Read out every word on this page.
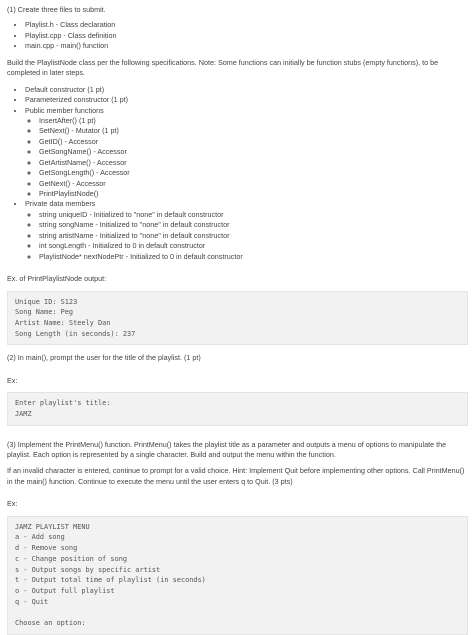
(1) Create three files to submit.

• Playlist.h - Class declaration
• Playlist.cpp - Class definition
• main.cpp - main() function

Build the PlaylistNode class per the following specifications. Note: Some functions can initially be function stubs (empty functions), to be completed in later steps.

• Default constructor (1 pt)
• Parameterized constructor (1 pt)
• Public member functions
◦ InsertAfter() (1 pt)
◦ SetNext() - Mutator (1 pt)
◦ GetID() - Accessor
◦ GetSongName() - Accessor
◦ GetArtistName() - Accessor
◦ GetSongLength() - Accessor
◦ GetNext() - Accessor
◦ PrintPlaylistNode()
• Private data members
◦ string uniqueID - Initialized to "none" in default constructor
◦ string songName - Initialized to "none" in default constructor
◦ string artistName - Initialized to "none" in default constructor
◦ int songLength - Initialized to 0 in default constructor
◦ PlaylistNode* nextNodePtr - Initialized to 0 in default constructor

Ex. of PrintPlaylistNode output:

Unique ID: S123
Song Name: Peg
Artist Name: Steely Dan
Song Length (in seconds): 237

(2) In main(), prompt the user for the title of the playlist. (1 pt)

Ex:

Enter playlist's title:
JAMZ

(3) Implement the PrintMenu() function. PrintMenu() takes the playlist title as a parameter and outputs a menu of options to manipulate the playlist. Each option is represented by a single character. Build and output the menu within the function.

If an invalid character is entered, continue to prompt for a valid choice. Hint: Implement Quit before implementing other options. Call PrintMenu() in the main() function. Continue to execute the menu until the user enters q to Quit. (3 pts)

Ex:

JAMZ PLAYLIST MENU
a - Add song
d - Remove song
c - Change position of song
s - Output songs by specific artist
t - Output total time of playlist (in seconds)
o - Output full playlist
q - Quit

Choose an option:
